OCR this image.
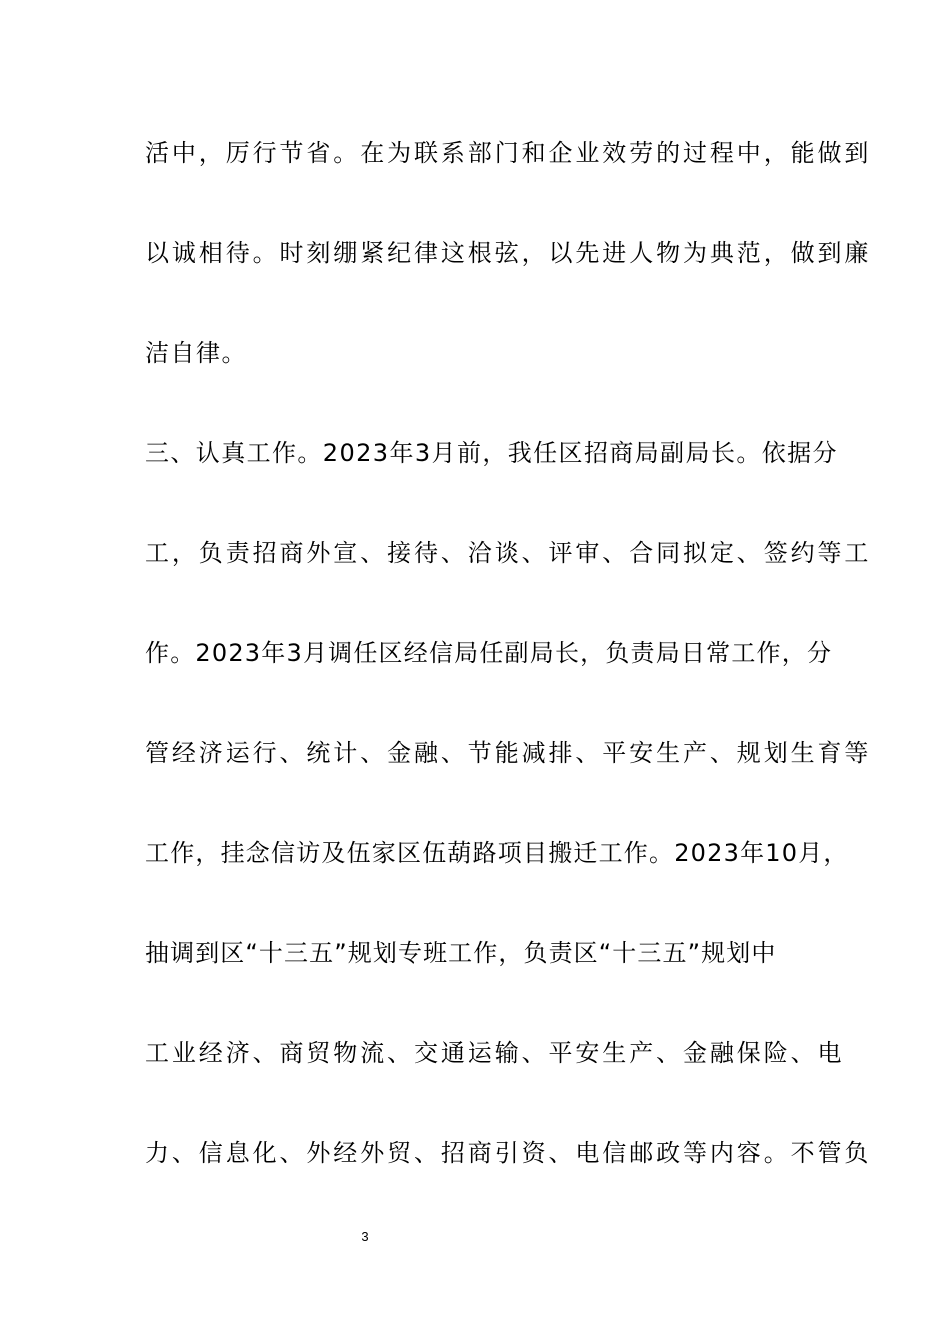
活中，厉行节省。在为联系部门和企业效劳的过程中，能做到
以诚相待。时刻绷紧纪律这根弦，以先进人物为典范，做到廉
洁自律。
三、认真工作。2023年3月前，我任区招商局副局长。依据分
工，负责招商外宣、接待、洽谈、评审、合同拟定、签约等工
作。2023年3月调任区经信局任副局长，负责局日常工作，分
管经济运行、统计、金融、节能减排、平安生产、规划生育等
工作，挂念信访及伍家区伍葫路项目搬迁工作。2023年10月，
抽调到区“十三五”规划专班工作，负责区“十三五”规划中
工业经济、商贸物流、交通运输、平安生产、金融保险、电
力、信息化、外经外贸、招商引资、电信邮政等内容。不管负
3
